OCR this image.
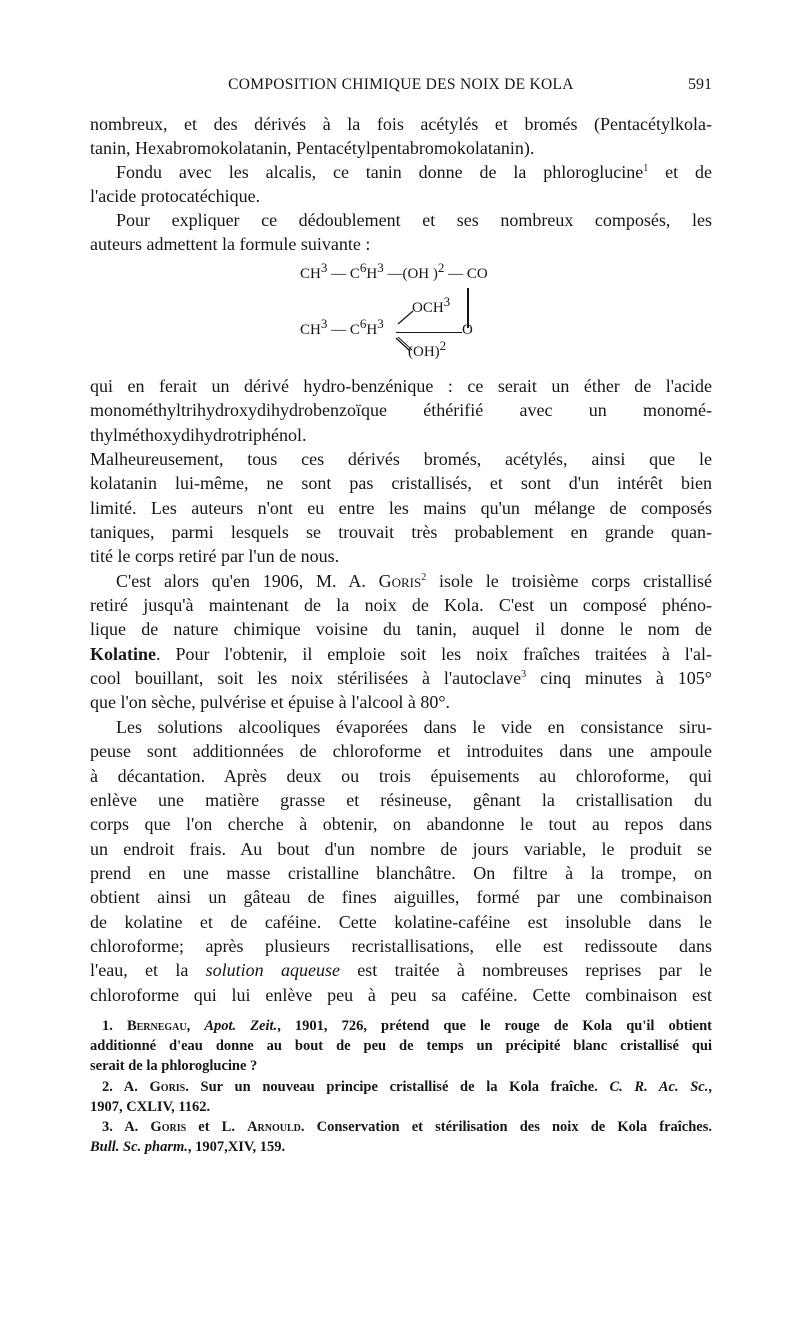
COMPOSITION CHIMIQUE DES NOIX DE KOLA	591
nombreux, et des dérivés à la fois acétylés et bromés (Pentacétylkola-
tanin, Hexabromokolatanin, Pentacétylpentabromokolatanin).
Fondu avec les alcalis, ce tanin donne de la phloroglucine$^1$ et de
l'acide protocatéchique.
Pour expliquer ce dédoublement et ses nombreux composés, les
auteurs admettent la formule suivante :
$CH^3$ — $C^6H^3$ —(OH )$^2$ — CO
OCH$^3$
$CH^3$ — $C^6H^3$	O
(OH)$^2$
qui en ferait un dérivé hydro-benzénique : ce serait un éther de l'acide
monométhyltrihydroxydihydrobenzoïque éthérifié avec un monomé-
thylméthoxydihydrotriphénol.
Malheureusement, tous ces dérivés bromés, acétylés, ainsi que le
kolatanin lui-même, ne sont pas cristallisés, et sont d'un intérêt bien
limité. Les auteurs n'ont eu entre les mains qu'un mélange de composés
taniques, parmi lesquels se trouvait très probablement en grande quan-
tité le corps retiré par l'un de nous.
C'est alors qu'en 1906, M. A. Goris$^2$ isole le troisième corps cristallisé
retiré jusqu'à maintenant de la noix de Kola. C'est un composé phéno-
lique de nature chimique voisine du tanin, auquel il donne le nom de
Kolatine. Pour l'obtenir, il emploie soit les noix fraîches traitées à l'al-
cool bouillant, soit les noix stérilisées à l'autoclave$^3$ cinq minutes à 105°
que l'on sèche, pulvérise et épuise à l'alcool à 80°.
Les solutions alcooliques évaporées dans le vide en consistance siru-
peuse sont additionnées de chloroforme et introduites dans une ampoule
à décantation. Après deux ou trois épuisements au chloroforme, qui
enlève une matière grasse et résineuse, gênant la cristallisation du
corps que l'on cherche à obtenir, on abandonne le tout au repos dans
un endroit frais. Au bout d'un nombre de jours variable, le produit se
prend en une masse cristalline blanchâtre. On filtre à la trompe, on
obtient ainsi un gâteau de fines aiguilles, formé par une combinaison
de kolatine et de caféine. Cette kolatine-caféine est insoluble dans le
chloroforme; après plusieurs recristallisations, elle est redissoute dans
l'eau, et la solution aqueuse est traitée à nombreuses reprises par le
chloroforme qui lui enlève peu à peu sa caféine. Cette combinaison est
1. Bernegau, Apot. Zeit., 1901, 726, prétend que le rouge de Kola qu'il obtient
additionné d'eau donne au bout de peu de temps un précipité blanc cristallisé qui
serait de la phloroglucine ?
2. A. Goris. Sur un nouveau principe cristallisé de la Kola fraîche. C. R. Ac. Sc.,
1907, CXLIV, 1162.
3. A. Goris et L. Arnould. Conservation et stérilisation des noix de Kola fraîches.
Bull. Sc. pharm., 1907,XIV, 159.
